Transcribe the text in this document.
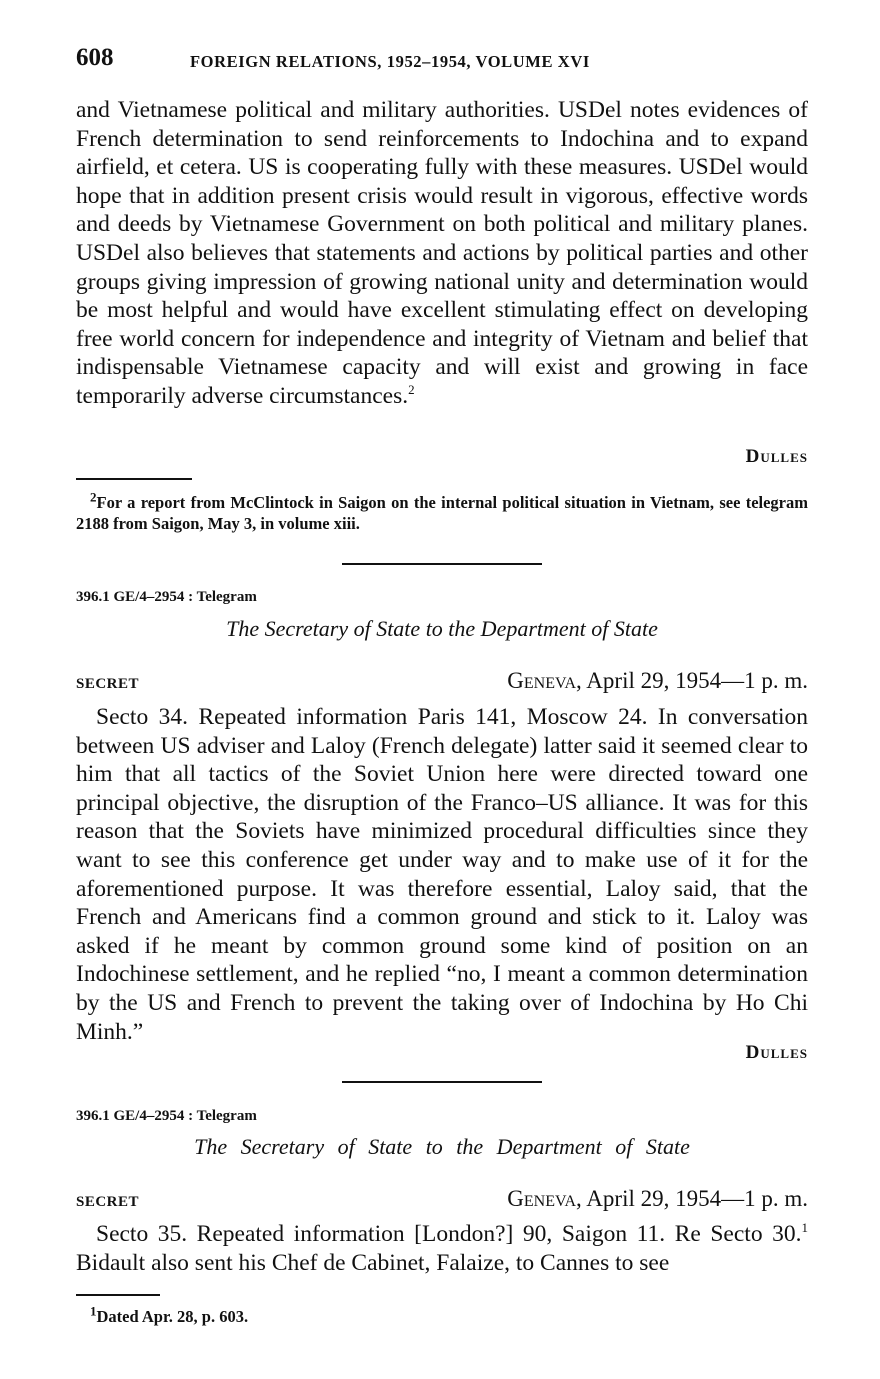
608	FOREIGN RELATIONS, 1952–1954, VOLUME XVI

and Vietnamese political and military authorities. USDel notes evidences of French determination to send reinforcements to Indochina and to expand airfield, et cetera. US is cooperating fully with these measures. USDel would hope that in addition present crisis would result in vigorous, effective words and deeds by Vietnamese Government on both political and military planes. USDel also believes that statements and actions by political parties and other groups giving impression of growing national unity and determination would be most helpful and would have excellent stimulating effect on developing free world concern for independence and integrity of Vietnam and belief that indispensable Vietnamese capacity and will exist and growing in face temporarily adverse circumstances.$^2$

Dulles

$^2$For a report from McClintock in Saigon on the internal political situation in Vietnam, see telegram 2188 from Saigon, May 3, in volume xiii.

396.1 GE/4–2954 : Telegram
The Secretary of State to the Department of State
SECRET	Geneva, April 29, 1954—1 p. m.

Secto 34. Repeated information Paris 141, Moscow 24. In conversation between US adviser and Laloy (French delegate) latter said it seemed clear to him that all tactics of the Soviet Union here were directed toward one principal objective, the disruption of the Franco–US alliance. It was for this reason that the Soviets have minimized procedural difficulties since they want to see this conference get under way and to make use of it for the aforementioned purpose. It was therefore essential, Laloy said, that the French and Americans find a common ground and stick to it. Laloy was asked if he meant by common ground some kind of position on an Indochinese settlement, and he replied “no, I meant a common determination by the US and French to prevent the taking over of Indochina by Ho Chi Minh.”

Dulles
396.1 GE/4–2954 : Telegram
The Secretary of State to the Department of State
SECRET	Geneva, April 29, 1954—1 p. m.

Secto 35. Repeated information [London?] 90, Saigon 11. Re Secto 30.$^1$ Bidault also sent his Chef de Cabinet, Falaize, to Cannes to see

$^1$Dated Apr. 28, p. 603.
